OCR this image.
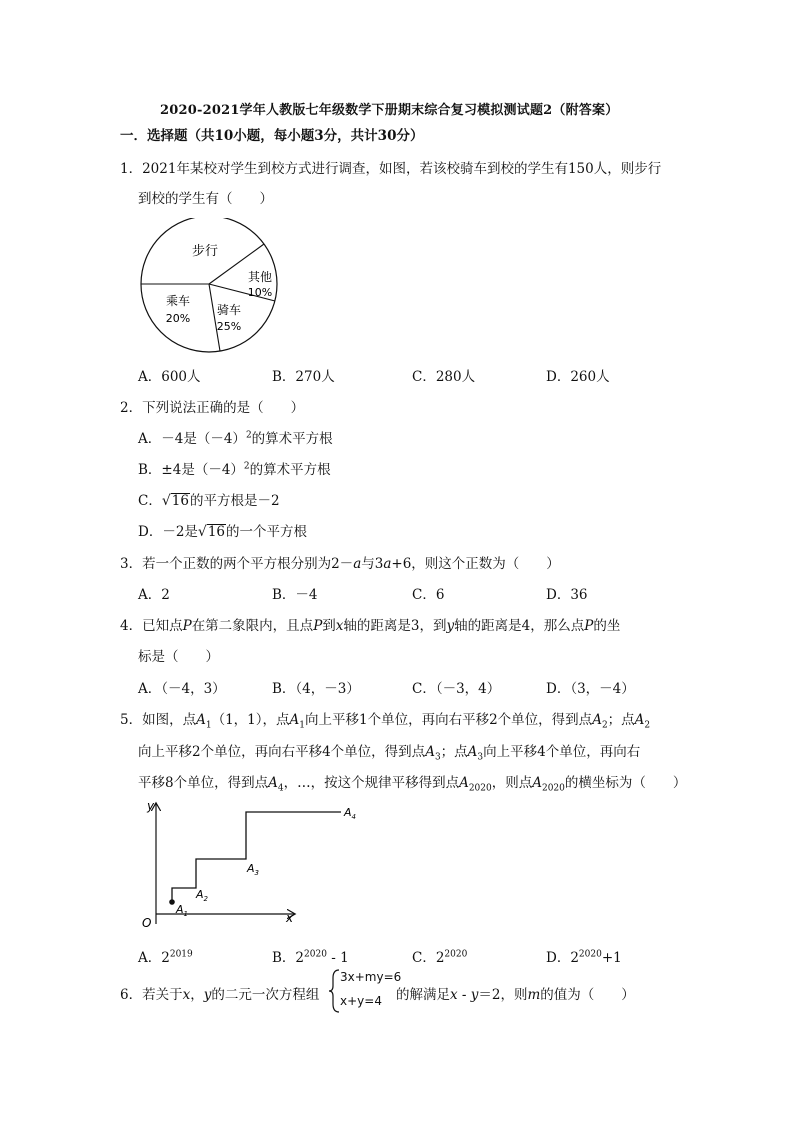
2020-2021学年人教版七年级数学下册期末综合复习模拟测试题2（附答案）
一．选择题（共10小题，每小题3分，共计30分）
1．2021年某校对学生到校方式进行调查，如图，若该校骑车到校的学生有150人，则步行
到校的学生有（　　）
步行
其他
10%
乘车
20%
骑车
25%
A．600人	B．270人	C．280人	D．260人
2．下列说法正确的是（　　）
A．－4是$(-4)^2$的算术平方根
B．±4是$(-4)^2$的算术平方根
C．√16的平方根是－2
D．－2是√16的一个平方根
3．若一个正数的两个平方根分别为2－a与3a+6，则这个正数为（　　）
A．2	B．－4	C．6	D．36
4．已知点P在第二象限内，且点P到x轴的距离是3，到y轴的距离是4，那么点P的坐
标是（　　）
A．（－4，3）	B．（4，－3）	C．（－3，4）	D．（3，－4）
5．如图，点$A_1(1$，1），点$A_1$向上平移1个单位，再向右平移2个单位，得到点$A_2$；点$A_2$
向上平移2个单位，再向右平移4个单位，得到点$A_3$；点$A_3$向上平移4个单位，再向右
平移8个单位，得到点$A_4$，…，按这个规律平移得到点$A_{2020}$，则点$A_{2020}$的横坐标为（　　）
y
x
O
$A_1$
$A_2$
$A_3$
$A_4$
A．$2^{2019}$	B．$2^{2020} - 1$	C．$2^{2020}$	D．$2^{2020}+1$
6．若关于x，y的二元一次方程组
3x+my=6
x+y=4 的解满足x - y＝2，则m的值为（　　）
